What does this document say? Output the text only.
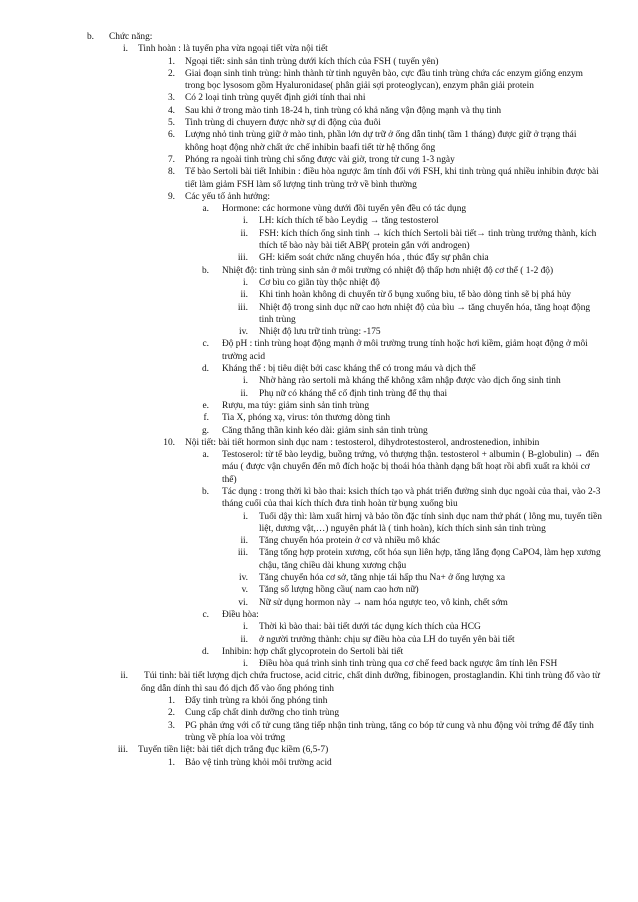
b. Chức năng:
i. Tinh hoàn : là tuyến pha vừa ngoại tiết vừa nội tiết
1. Ngoại tiết: sinh sản tinh trùng dưới kích thích của FSH ( tuyến yên)
2. Giai đoạn sinh tinh trùng: hình thành từ tinh nguyên bào, cực đầu tinh trùng chứa các enzym giống enzym trong bọc lysosom gồm Hyaluronidase( phân giải sợi proteoglycan), enzym phân giải protein
3. Có 2 loại tinh trùng quyết định giới tính thai nhi
4. Sau khi ở trong mào tinh 18-24 h, tinh trùng có khả năng vận động mạnh và thụ tinh
5. Tinh trùng di chuyern được nhờ sự di động của đuôi
6. Lượng nhỏ tinh trùng giữ ở mào tinh, phần lớn dự trữ ở ống dẫn tinh( tầm 1 tháng) được giữ ở trạng thái không hoạt động nhờ chất ức chế inhibin baafi tiết từ hệ thống ống
7. Phóng ra ngoài tinh trùng chỉ sống được vài giờ, trong tử cung 1-3 ngày
8. Tế bào Sertoli bài tiết Inhibin : điều hòa ngược âm tính đối với FSH, khi tinh trùng quá nhiều inhibin được bài tiết làm giảm FSH làm số lượng tinh trùng trở về bình thường
9. Các yếu tố ảnh hưởng:
a. Hormone: các hormone vùng dưới đồi tuyến yên đều có tác dụng
i. LH: kích thích tế bào Leydig → tăng testosterol
ii. FSH: kích thích ống sinh tinh → kích thích Sertoli bài tiết→ tinh trùng trưởng thành, kích thích tế bào này bài tiết ABP( protein gắn với androgen)
iii. GH: kiểm soát chức năng chuyển hóa , thúc đẩy sự phân chia
b. Nhiệt độ: tinh trùng sinh sản ở môi trường có nhiệt độ thấp hơn nhiệt độ cơ thể ( 1-2 độ)
i. Cơ bìu co giãn tùy thộc nhiệt độ
ii. Khi tinh hoàn không di chuyển từ ổ bụng xuống bìu, tế bào dòng tinh sẽ bị phá hủy
iii. Nhiệt độ trong sinh dục nữ cao hơn nhiệt độ của bìu → tăng chuyển hóa, tăng hoạt động tinh trùng
iv. Nhiệt độ lưu trữ tinh trùng: -175
c. Độ pH : tinh trùng hoạt động mạnh ở môi trường trung tính hoặc hơi kiềm, giảm hoạt động ở môi trường acid
d. Kháng thể : bị tiêu diệt bởi casc kháng thể có trong máu và dịch thể
i. Nhờ hàng rào sertoli mà kháng thể không xâm nhập được vào dịch ống sinh tinh
ii. Phụ nữ có kháng thể cố định tinh trùng để thụ thai
e. Rượu, ma túy: giảm sinh sản tinh trùng
f. Tia X, phóng xạ, virus: tỏn thương dòng tinh
g. Căng thẳng thần kinh kéo dài: giảm sinh sản tinh trùng
10. Nội tiết: bài tiết hormon sinh dục nam : testosterol, dihydrotestosterol, androstenedion, inhibin
a. Testoserol: từ tế bào leydig, buồng trứng, vỏ thượng thận. testosterol + albumin ( B-globulin) → đến máu ( được vận chuyển đến mô đích hoặc bị thoái hóa thành dạng bất hoạt rồi abfi xuất ra khỏi cơ thể)
b. Tác dụng : trong thời kì bào thai: ksich thích tạo và phát triển đường sinh dục ngoài của thai, vào 2-3 tháng cuối của thai kích thích đưa tinh hoàn từ bụng xuống bìu
i. Tuổi dậy thì: làm xuất hirnj và bảo tồn đặc tính sinh dục nam thứ phát ( lông mu, tuyến tiền liệt, dương vật,…) nguyên phát là ( tinh hoàn), kích thích sinh sản tinh trùng
ii. Tăng chuyển hóa protein ở cơ và nhiều mô khác
iii. Tăng tổng hợp protein xương, cốt hóa sụn liên hợp, tăng lắng đọng CaPO4, làm hẹp xương chậu, tăng chiều dài khung xương chậu
iv. Tăng chuyển hóa cơ sở, tăng nhịe tái hấp thu Na+ ở ống lượng xa
v. Tăng số lượng hồng cầu( nam cao hơn nữ)
vi. Nữ sử dụng hormon này → nam hóa ngược teo, vô kinh, chết sớm
c. Điều hòa:
i. Thời kì bào thai: bài tiết dưới tác dụng kích thích của HCG
ii. ở người trưởng thành: chịu sự điều hòa của LH do tuyến yên bài tiết
d. Inhibin: hợp chất glycoprotein do Sertoli bài tiết
i. Điều hòa quá trình sinh tinh trùng qua cơ chế feed back ngược âm tính lên FSH
ii.	Túi tinh: bài tiết lượng dịch chứa fructose, acid citric, chất dinh dưỡng, fibinogen, prostaglandin. Khi tinh trùng đổ vào từ ống dẫn dính thì sau đó dịch đổ vào ống phóng tinh
1. Đẩy tinh trùng ra khỏi ống phóng tinh
2. Cung cấp chất dinh dưỡng cho tinh trùng
3. PG phản ứng với cổ tử cung tăng tiếp nhận tinh trùng, tăng co bóp tử cung và nhu động vòi trứng để đẩy tinh trùng về phía loa vòi trứng
iii. Tuyến tiền liệt: bài tiết dịch trắng đục kiềm (6,5-7)
1. Bảo vệ tinh trùng khỏi môi trường acid
